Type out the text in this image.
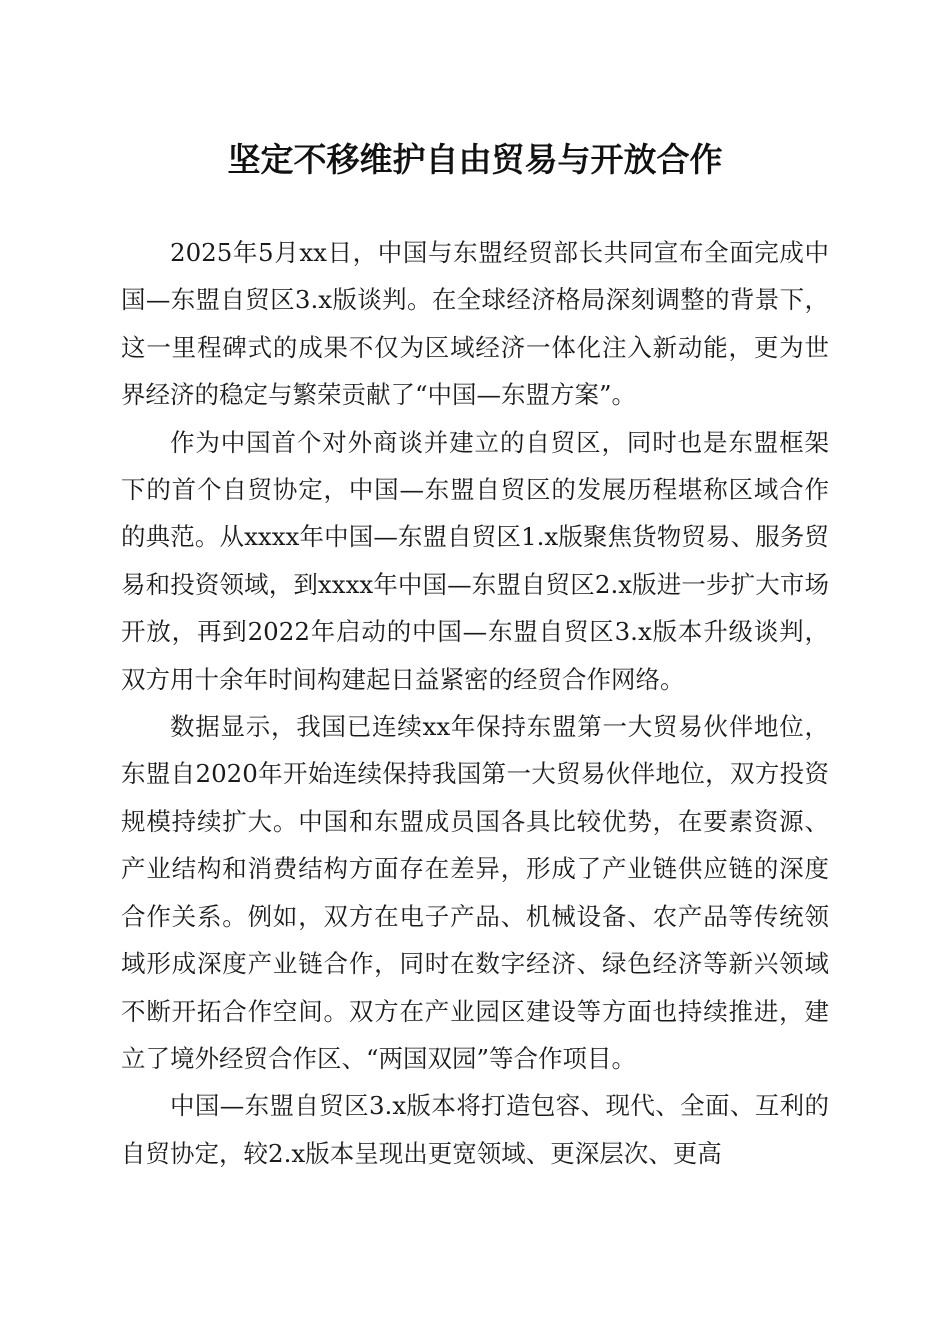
坚定不移维护自由贸易与开放合作

2025年5月xx日，中国与东盟经贸部长共同宣布全面完成中国—东盟自贸区3.x版谈判。在全球经济格局深刻调整的背景下，这一里程碑式的成果不仅为区域经济一体化注入新动能，更为世界经济的稳定与繁荣贡献了“中国—东盟方案”。

作为中国首个对外商谈并建立的自贸区，同时也是东盟框架下的首个自贸协定，中国—东盟自贸区的发展历程堪称区域合作的典范。从xxxx年中国—东盟自贸区1.x版聚焦货物贸易、服务贸易和投资领域，到xxxx年中国—东盟自贸区2.x版进一步扩大市场开放，再到2022年启动的中国—东盟自贸区3.x版本升级谈判，双方用十余年时间构建起日益紧密的经贸合作网络。

数据显示，我国已连续xx年保持东盟第一大贸易伙伴地位，东盟自2020年开始连续保持我国第一大贸易伙伴地位，双方投资规模持续扩大。中国和东盟成员国各具比较优势，在要素资源、产业结构和消费结构方面存在差异，形成了产业链供应链的深度合作关系。例如，双方在电子产品、机械设备、农产品等传统领域形成深度产业链合作，同时在数字经济、绿色经济等新兴领域不断开拓合作空间。双方在产业园区建设等方面也持续推进，建立了境外经贸合作区、“两国双园”等合作项目。

中国—东盟自贸区3.x版本将打造包容、现代、全面、互利的自贸协定，较2.x版本呈现出更宽领域、更深层次、更高
